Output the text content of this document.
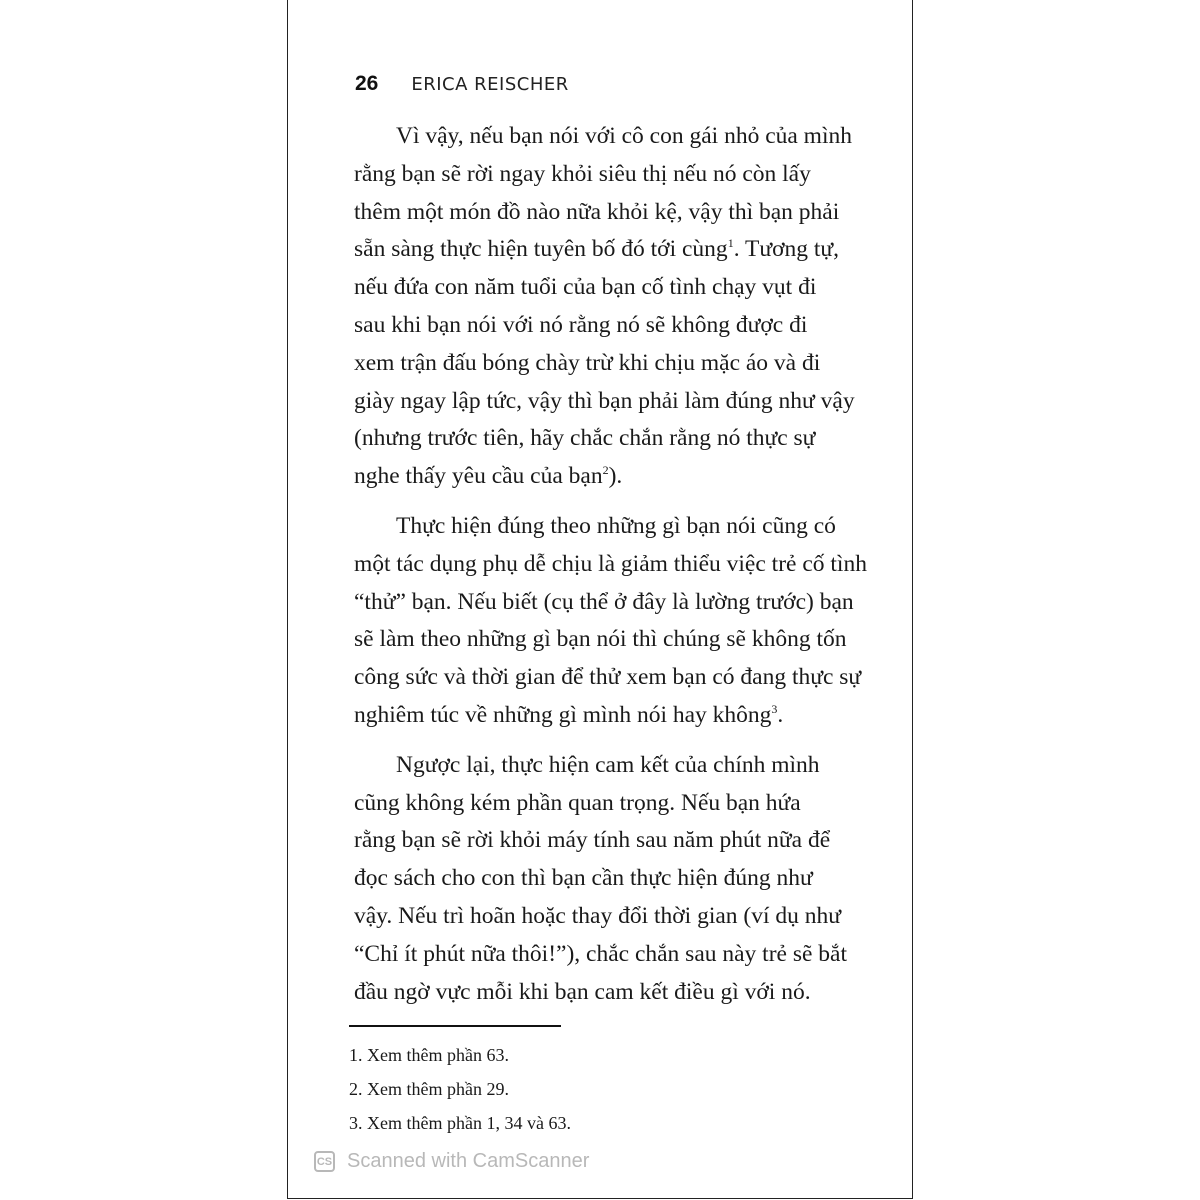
26 ERICA REISCHER

Vì vậy, nếu bạn nói với cô con gái nhỏ của mình
rằng bạn sẽ rời ngay khỏi siêu thị nếu nó còn lấy
thêm một món đồ nào nữa khỏi kệ, vậy thì bạn phải
sẵn sàng thực hiện tuyên bố đó tới cùng$^1$. Tương tự,
nếu đứa con năm tuổi của bạn cố tình chạy vụt đi
sau khi bạn nói với nó rằng nó sẽ không được đi
xem trận đấu bóng chày trừ khi chịu mặc áo và đi
giày ngay lập tức, vậy thì bạn phải làm đúng như vậy
(nhưng trước tiên, hãy chắc chắn rằng nó thực sự
nghe thấy yêu cầu của bạn$^2$).

Thực hiện đúng theo những gì bạn nói cũng có
một tác dụng phụ dễ chịu là giảm thiểu việc trẻ cố tình
“thử” bạn. Nếu biết (cụ thể ở đây là lường trước) bạn
sẽ làm theo những gì bạn nói thì chúng sẽ không tốn
công sức và thời gian để thử xem bạn có đang thực sự
nghiêm túc về những gì mình nói hay không$^3$.

Ngược lại, thực hiện cam kết của chính mình
cũng không kém phần quan trọng. Nếu bạn hứa
rằng bạn sẽ rời khỏi máy tính sau năm phút nữa để
đọc sách cho con thì bạn cần thực hiện đúng như
vậy. Nếu trì hoãn hoặc thay đổi thời gian (ví dụ như
“Chỉ ít phút nữa thôi!”), chắc chắn sau này trẻ sẽ bắt
đầu ngờ vực mỗi khi bạn cam kết điều gì với nó.

1. Xem thêm phần 63.
2. Xem thêm phần 29.
3. Xem thêm phần 1, 34 và 63.
CS Scanned with CamScanner
